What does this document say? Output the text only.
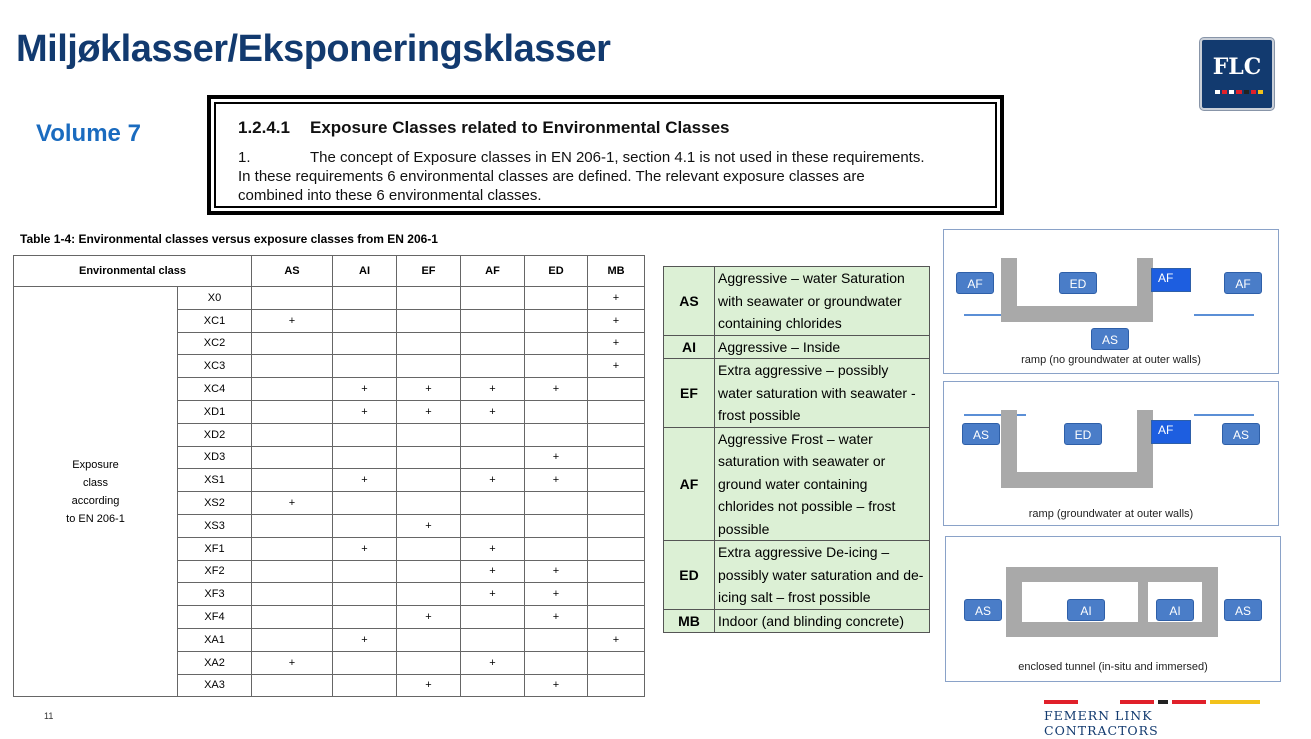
Miljøklasser/Eksponeringsklasser	FLC
Volume 7	1.2.4.1	Exposure Classes related to Environmental Classes
1.	The concept of Exposure classes in EN 206-1, section 4.1 is not used in these requirements.
In these requirements 6 environmental classes are defined. The relevant exposure classes are
combined into these 6 environmental classes.
Table 1-4: Environmental classes versus exposure classes from EN 206-1
Environmental class		AS	AI	EF	AF	ED	MB

Exposure
class
according
to EN 206-1	X0						+
	XC1	+					+
	XC2						+
	XC3						+
	XC4		+	+	+	+	
	XD1		+	+	+		
	XD2						
	XD3					+	
	XS1		+		+	+	
	XS2	+					
	XS3			+			
	XF1		+		+		
	XF2				+	+	
	XF3				+	+	
	XF4			+		+	
	XA1		+				+
	XA2	+			+		
	XA3			+		+	
AS	Aggressive – water Saturation with seawater or groundwater containing chlorides
AI	Aggressive – Inside
EF	Extra aggressive – possibly water saturation with seawater - frost possible
AF	Aggressive Frost – water saturation with seawater or ground water containing chlorides not possible – frost possible
ED	Extra aggressive De-icing – possibly water saturation and de-icing salt – frost possible
MB	Indoor (and blinding concrete)
AF	ED	AF	AF
AS
ramp (no groundwater at outer walls)
AS	ED	AF	AS
ramp (groundwater at outer walls)
AS	AI	AI	AS
enclosed tunnel (in-situ and immersed)
11	FEMERN LINK CONTRACTORS
